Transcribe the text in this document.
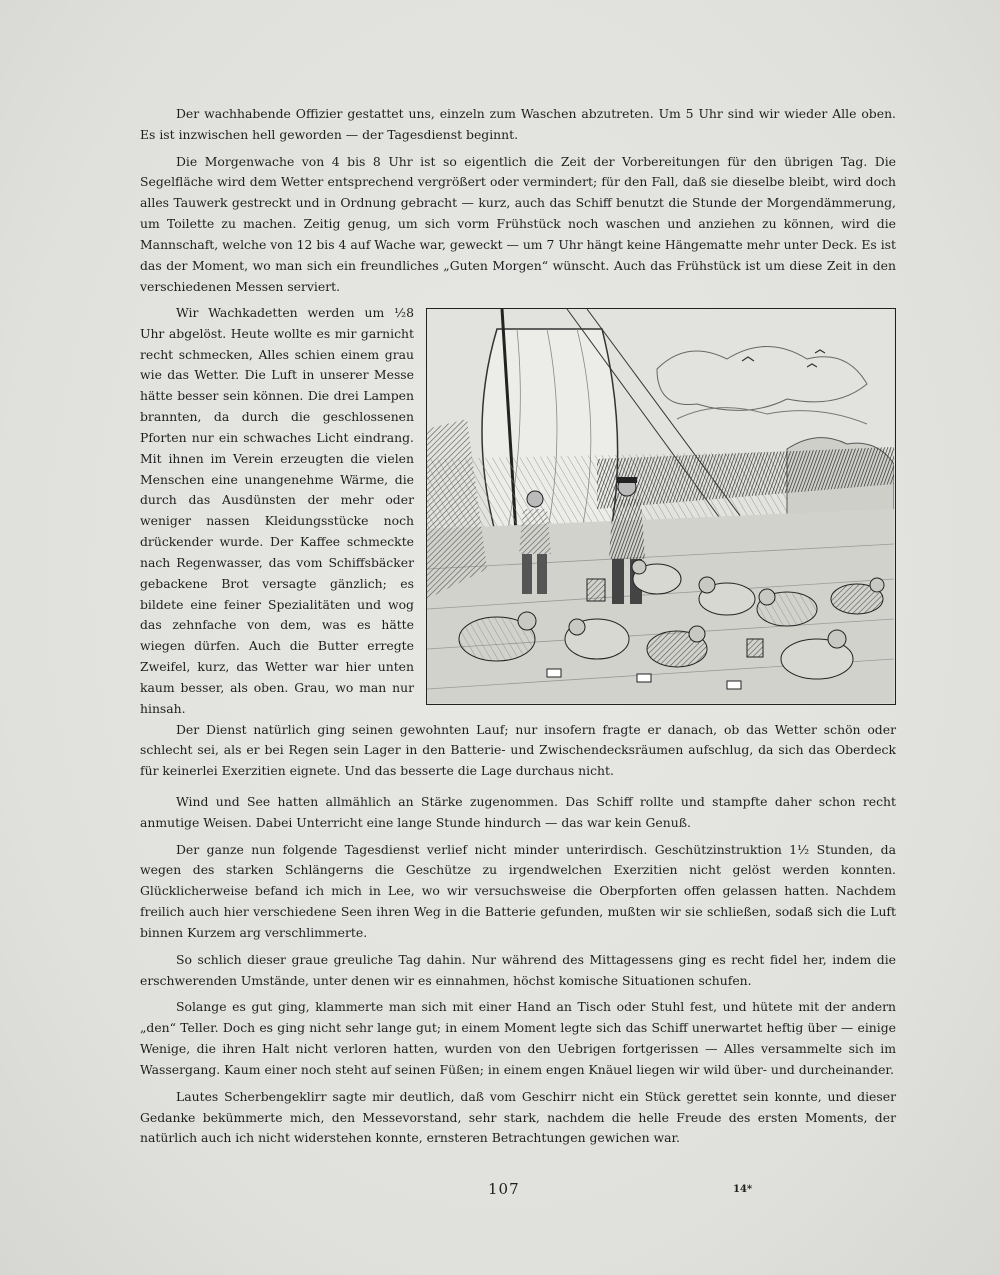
Der wachhabende Offizier gestattet uns, einzeln zum Waschen abzutreten. Um 5 Uhr sind wir wieder Alle oben. Es ist inzwischen hell geworden — der Tagesdienst beginnt.

Die Morgenwache von 4 bis 8 Uhr ist so eigentlich die Zeit der Vorbereitungen für den übrigen Tag. Die Segelfläche wird dem Wetter entsprechend vergrößert oder vermindert; für den Fall, daß sie dieselbe bleibt, wird doch alles Tauwerk gestreckt und in Ordnung gebracht — kurz, auch das Schiff benutzt die Stunde der Morgendämmerung, um Toilette zu machen. Zeitig genug, um sich vorm Frühstück noch waschen und anziehen zu können, wird die Mannschaft, welche von 12 bis 4 auf Wache war, geweckt — um 7 Uhr hängt keine Hängematte mehr unter Deck. Es ist das der Moment, wo man sich ein freundliches „Guten Morgen“ wünscht. Auch das Frühstück ist um diese Zeit in den verschiedenen Messen serviert.

Wir Wachkadetten werden um ½8 Uhr abgelöst. Heute wollte es mir garnicht recht schmecken, Alles schien einem grau wie das Wetter. Die Luft in unserer Messe hätte besser sein können. Die drei Lampen brannten, da durch die geschlossenen Pforten nur ein schwaches Licht eindrang. Mit ihnen im Verein erzeugten die vielen Menschen eine unangenehme Wärme, die durch das Ausdünsten der mehr oder weniger nassen Kleidungsstücke noch drückender wurde. Der Kaffee schmeckte nach Regenwasser, das vom Schiffsbäcker gebackene Brot versagte gänzlich; es bildete eine feiner Spezialitäten und wog das zehnfache von dem, was es hätte wiegen dürfen. Auch die Butter erregte Zweifel, kurz, das Wetter war hier unten kaum besser, als oben. Grau, wo man nur hinsah.

Der Dienst natürlich ging seinen gewohnten Lauf; nur insofern fragte er danach, ob das Wetter schön oder schlecht sei, als er bei Regen sein Lager in den Batterie- und Zwischendecksräumen aufschlug, da sich das Oberdeck für keinerlei Exerzitien eignete. Und das besserte die Lage durchaus nicht.

Wind und See hatten allmählich an Stärke zugenommen. Das Schiff rollte und stampfte daher schon recht anmutige Weisen. Dabei Unterricht eine lange Stunde hindurch — das war kein Genuß.

Der ganze nun folgende Tagesdienst verlief nicht minder unterirdisch. Geschützinstruktion 1½ Stunden, da wegen des starken Schlängerns die Geschütze zu irgendwelchen Exerzitien nicht gelöst werden konnten. Glücklicherweise befand ich mich in Lee, wo wir versuchsweise die Oberpforten offen gelassen hatten. Nachdem freilich auch hier verschiedene Seen ihren Weg in die Batterie gefunden, mußten wir sie schließen, sodaß sich die Luft binnen Kurzem arg verschlimmerte.

So schlich dieser graue greuliche Tag dahin. Nur während des Mittagessens ging es recht fidel her, indem die erschwerenden Umstände, unter denen wir es einnahmen, höchst komische Situationen schufen.

Solange es gut ging, klammerte man sich mit einer Hand an Tisch oder Stuhl fest, und hütete mit der andern „den“ Teller. Doch es ging nicht sehr lange gut; in einem Moment legte sich das Schiff unerwartet heftig über — einige Wenige, die ihren Halt nicht verloren hatten, wurden von den Uebrigen fortgerissen — Alles versammelte sich im Wassergang. Kaum einer noch steht auf seinen Füßen; in einem engen Knäuel liegen wir wild über- und durcheinander.

Lautes Scherbengeklirr sagte mir deutlich, daß vom Geschirr nicht ein Stück gerettet sein konnte, und dieser Gedanke bekümmerte mich, den Messevorstand, sehr stark, nachdem die helle Freude des ersten Moments, der natürlich auch ich nicht widerstehen konnte, ernsteren Betrachtungen gewichen war.

107	14*
